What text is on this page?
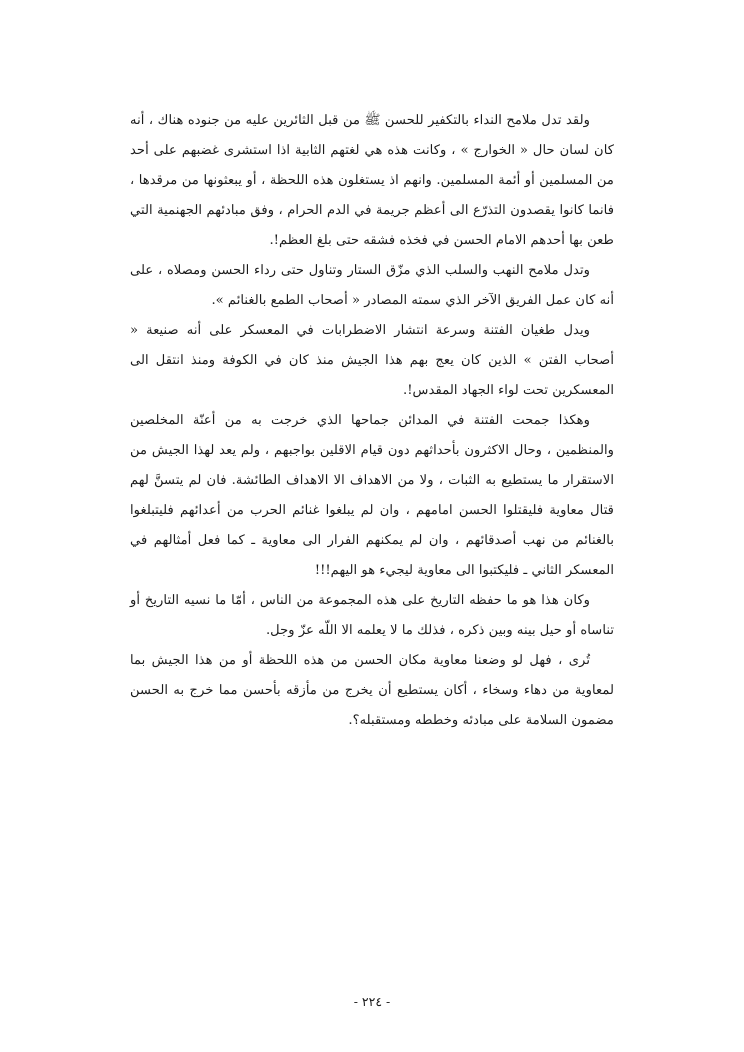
ولقد تدل ملامح النداء بالتكفير للحسن ﷺ من قبل الثائرين عليه من جنوده هناك ، أنه كان لسان حال « الخوارج » ، وكانت هذه هي لغتهم الثابية اذا استشرى غضبهم على أحد من المسلمين أو أئمة المسلمين. وانهم اذ يستغلون هذه اللحظة ، أو يبعثونها من مرقدها ، فانما كانوا يقصدون التذرّع الى أعظم جريمة في الدم الحرام ، وفق مبادئهم الجهنمية التي طعن بها أحدهم الامام الحسن في فخذه فشقه حتى بلغ العظم!.

وتدل ملامح النهب والسلب الذي مزّق الستار وتناول حتى رداء الحسن ومصلاه ، على أنه كان عمل الفريق الآخر الذي سمته المصادر « أصحاب الطمع بالغنائم ».

ويدل طغيان الفتنة وسرعة انتشار الاضطرابات في المعسكر على أنه صنيعة « أصحاب الفتن » الذين كان يعج بهم هذا الجيش منذ كان في الكوفة ومنذ انتقل الى المعسكرين تحت لواء الجهاد المقدس!.

وهكذا جمحت الفتنة في المدائن جماحها الذي خرجت به من أعنّة المخلصين والمنظمين ، وحال الاكثرون بأحداثهم دون قيام الاقلين بواجبهم ، ولم يعد لهذا الجيش من الاستقرار ما يستطيع به الثبات ، ولا من الاهداف الا الاهداف الطائشة. فان لم يتسنَّ لهم قتال معاوية فليقتلوا الحسن امامهم ، وان لم يبلغوا غنائم الحرب من أعدائهم فليتبلغوا بالغنائم من نهب أصدقائهم ، وان لم يمكنهم الفرار الى معاوية ـ كما فعل أمثالهم في المعسكر الثاني ـ فليكتبوا الى معاوية ليجيء هو اليهم!!!

وكان هذا هو ما حفظه التاريخ على هذه المجموعة من الناس ، أمّا ما نسيه التاريخ أو تناساه أو حيل بينه وبين ذكره ، فذلك ما لا يعلمه الا اللّه عزّ وجل.

تُرى ، فهل لو وضعنا معاوية مكان الحسن من هذه اللحظة أو من هذا الجيش بما لمعاوية من دهاء وسخاء ، أكان يستطيع أن يخرج من مأزقه بأحسن مما خرج به الحسن مضمون السلامة على مبادئه وخططه ومستقبله؟.

- ٢٢٤ -
